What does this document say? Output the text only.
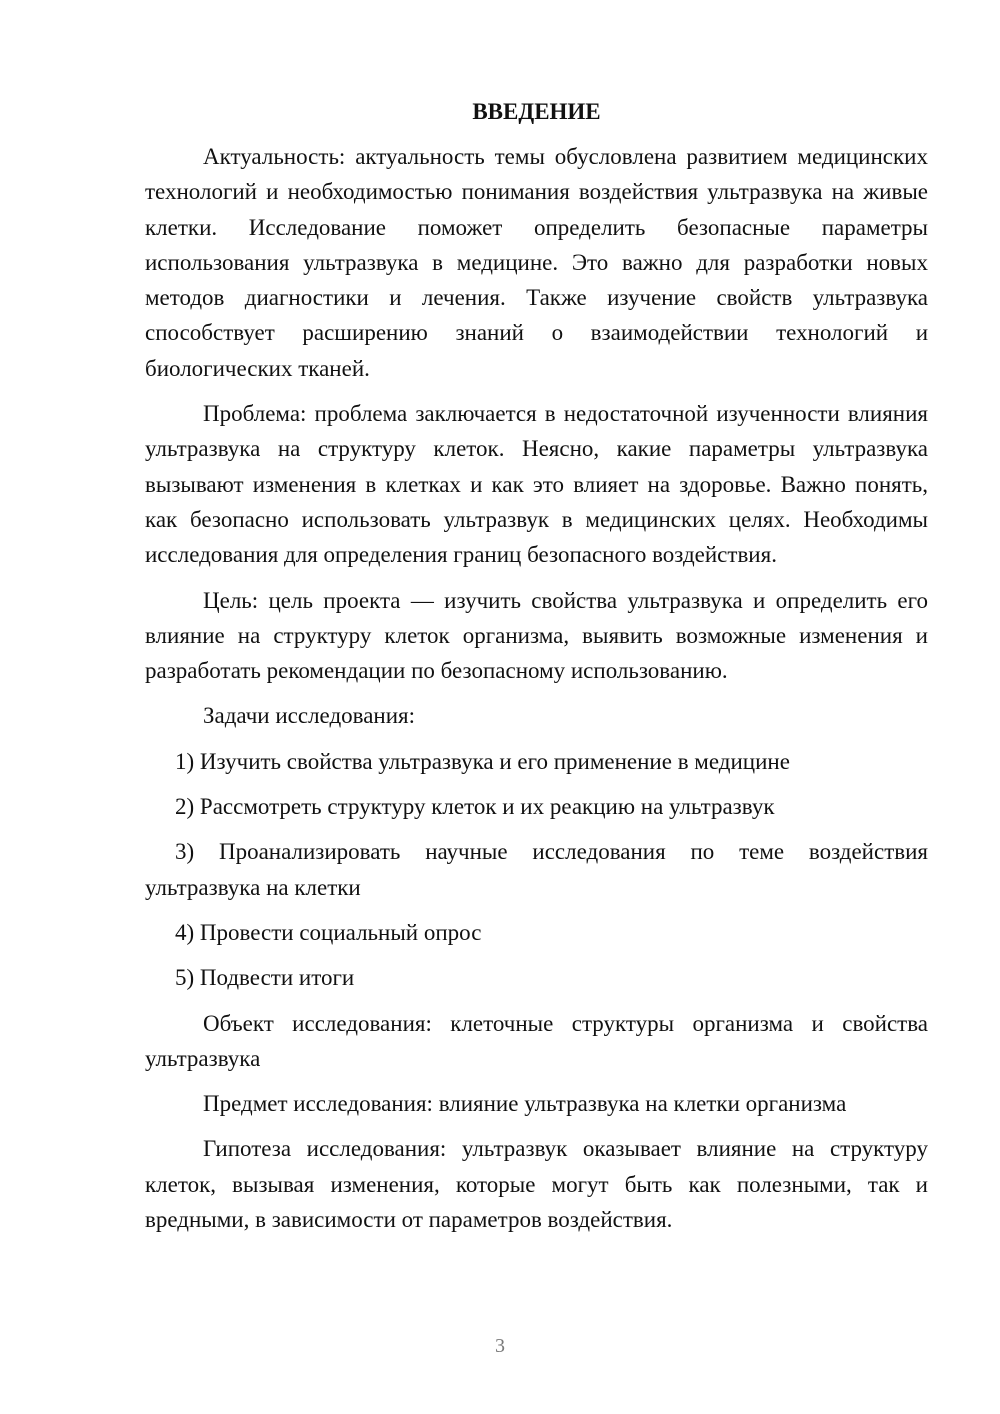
ВВЕДЕНИЕ

Актуальность: актуальность темы обусловлена развитием медицинских технологий и необходимостью понимания воздействия ультразвука на живые клетки. Исследование поможет определить безопасные параметры использования ультразвука в медицине. Это важно для разработки новых методов диагностики и лечения. Также изучение свойств ультразвука способствует расширению знаний о взаимодействии технологий и биологических тканей.

Проблема: проблема заключается в недостаточной изученности влияния ультразвука на структуру клеток. Неясно, какие параметры ультразвука вызывают изменения в клетках и как это влияет на здоровье. Важно понять, как безопасно использовать ультразвук в медицинских целях. Необходимы исследования для определения границ безопасного воздействия.

Цель: цель проекта — изучить свойства ультразвука и определить его влияние на структуру клеток организма, выявить возможные изменения и разработать рекомендации по безопасному использованию.

Задачи исследования:

1) Изучить свойства ультразвука и его применение в медицине

2) Рассмотреть структуру клеток и их реакцию на ультразвук

3) Проанализировать научные исследования по теме воздействия ультразвука на клетки

4) Провести социальный опрос

5) Подвести итоги

Объект исследования: клеточные структуры организма и свойства ультразвука

Предмет исследования: влияние ультразвука на клетки организма

Гипотеза исследования: ультразвук оказывает влияние на структуру клеток, вызывая изменения, которые могут быть как полезными, так и вредными, в зависимости от параметров воздействия.

3
